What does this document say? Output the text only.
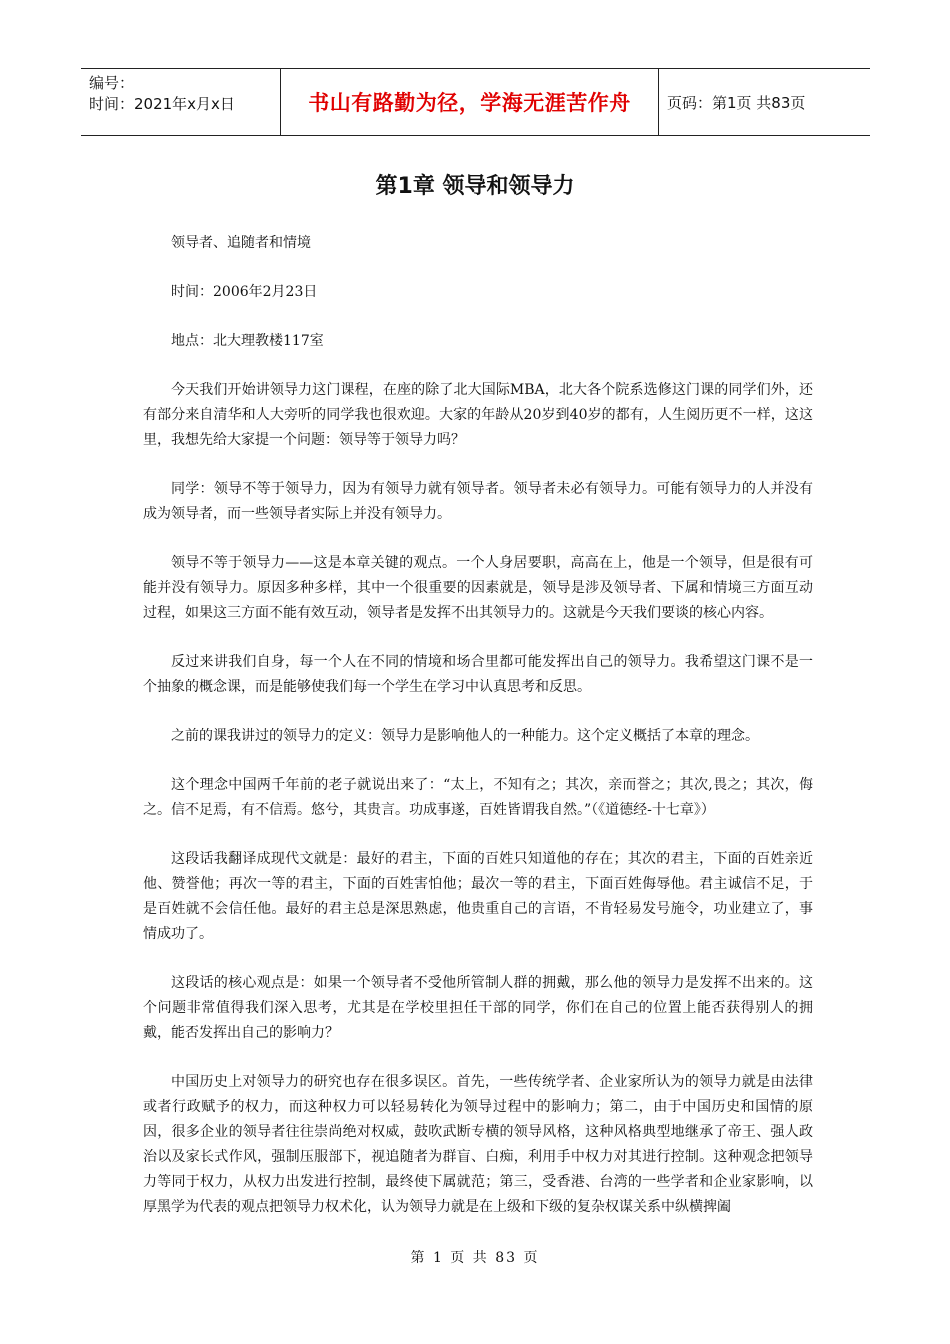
编号：
时间：2021年x月x日	书山有路勤为径，学海无涯苦作舟	页码：第1页 共83页
第1章 领导和领导力

领导者、追随者和情境

时间：2006年2月23日

地点：北大理教楼117室

今天我们开始讲领导力这门课程，在座的除了北大国际MBA，北大各个院系选修这门课的同学们外，还有部分来自清华和人大旁听的同学我也很欢迎。大家的年龄从20岁到40岁的都有，人生阅历更不一样，这这里，我想先给大家提一个问题：领导等于领导力吗？

同学：领导不等于领导力，因为有领导力就有领导者。领导者未必有领导力。可能有领导力的人并没有成为领导者，而一些领导者实际上并没有领导力。

领导不等于领导力——这是本章关键的观点。一个人身居要职，高高在上，他是一个领导，但是很有可能并没有领导力。原因多种多样，其中一个很重要的因素就是，领导是涉及领导者、下属和情境三方面互动过程，如果这三方面不能有效互动，领导者是发挥不出其领导力的。这就是今天我们要谈的核心内容。

反过来讲我们自身，每一个人在不同的情境和场合里都可能发挥出自己的领导力。我希望这门课不是一个抽象的概念课，而是能够使我们每一个学生在学习中认真思考和反思。

之前的课我讲过的领导力的定义：领导力是影响他人的一种能力。这个定义概括了本章的理念。

这个理念中国两千年前的老子就说出来了：“太上，不知有之；其次，亲而誉之；其次,畏之；其次，侮之。信不足焉，有不信焉。悠兮，其贵言。功成事遂，百姓皆谓我自然。”（《道德经-十七章》）

这段话我翻译成现代文就是：最好的君主，下面的百姓只知道他的存在；其次的君主，下面的百姓亲近他、赞誉他；再次一等的君主，下面的百姓害怕他；最次一等的君主，下面百姓侮辱他。君主诚信不足，于是百姓就不会信任他。最好的君主总是深思熟虑，他贵重自己的言语，不肯轻易发号施令，功业建立了，事情成功了。

这段话的核心观点是：如果一个领导者不受他所管制人群的拥戴，那么他的领导力是发挥不出来的。这个问题非常值得我们深入思考，尤其是在学校里担任干部的同学，你们在自己的位置上能否获得别人的拥戴，能否发挥出自己的影响力？

中国历史上对领导力的研究也存在很多误区。首先，一些传统学者、企业家所认为的领导力就是由法律或者行政赋予的权力，而这种权力可以轻易转化为领导过程中的影响力；第二，由于中国历史和国情的原因，很多企业的领导者往往崇尚绝对权威，鼓吹武断专横的领导风格，这种风格典型地继承了帝王、强人政治以及家长式作风，强制压服部下，视追随者为群盲、白痴，利用手中权力对其进行控制。这种观念把领导力等同于权力，从权力出发进行控制，最终使下属就范；第三，受香港、台湾的一些学者和企业家影响，以厚黑学为代表的观点把领导力权术化，认为领导力就是在上级和下级的复杂权谋关系中纵横捭阖

第 1 页 共 83 页
